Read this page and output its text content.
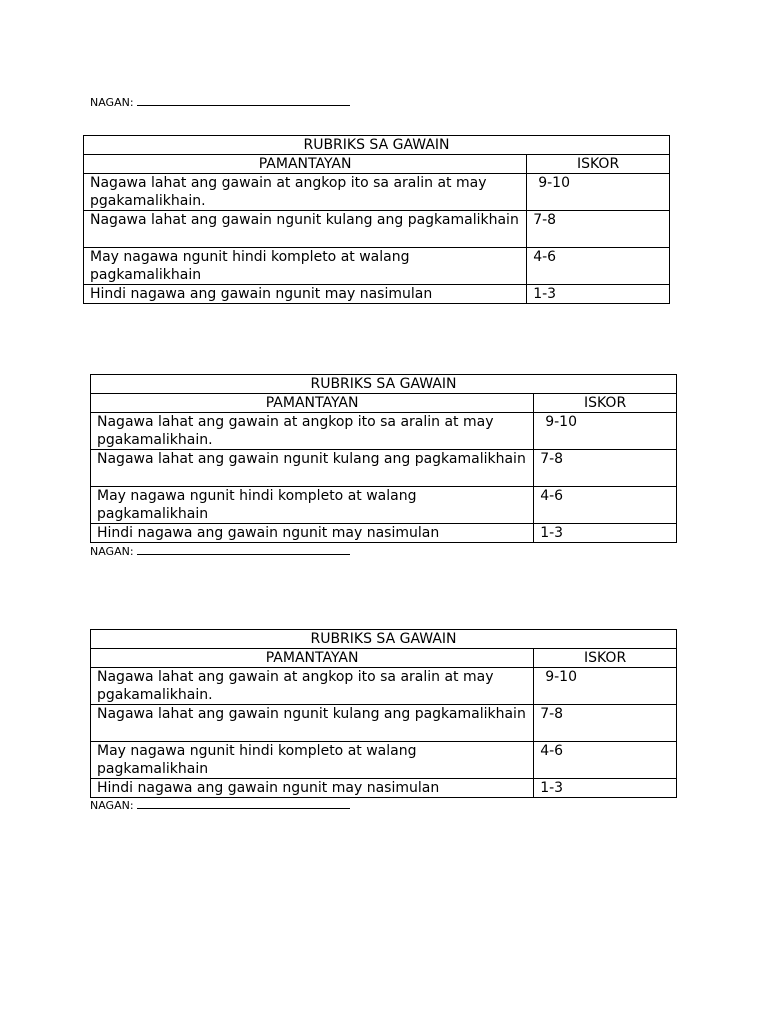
NAGAN:
RUBRIKS SA GAWAIN	
PAMANTAYAN	ISKOR
Nagawa lahat ang gawain at angkop ito sa aralin at may pgakamalikhain.	9-10
Nagawa lahat ang gawain ngunit kulang ang pagkamalikhain	7-8
May nagawa ngunit hindi kompleto at walang pagkamalikhain	4-6
Hindi nagawa ang gawain ngunit may nasimulan	1-3
RUBRIKS SA GAWAIN	
PAMANTAYAN	ISKOR
Nagawa lahat ang gawain at angkop ito sa aralin at may pgakamalikhain.	9-10
Nagawa lahat ang gawain ngunit kulang ang pagkamalikhain	7-8
May nagawa ngunit hindi kompleto at walang pagkamalikhain	4-6
Hindi nagawa ang gawain ngunit may nasimulan	1-3
NAGAN:
RUBRIKS SA GAWAIN	
PAMANTAYAN	ISKOR
Nagawa lahat ang gawain at angkop ito sa aralin at may pgakamalikhain.	9-10
Nagawa lahat ang gawain ngunit kulang ang pagkamalikhain	7-8
May nagawa ngunit hindi kompleto at walang pagkamalikhain	4-6
Hindi nagawa ang gawain ngunit may nasimulan	1-3
NAGAN:
